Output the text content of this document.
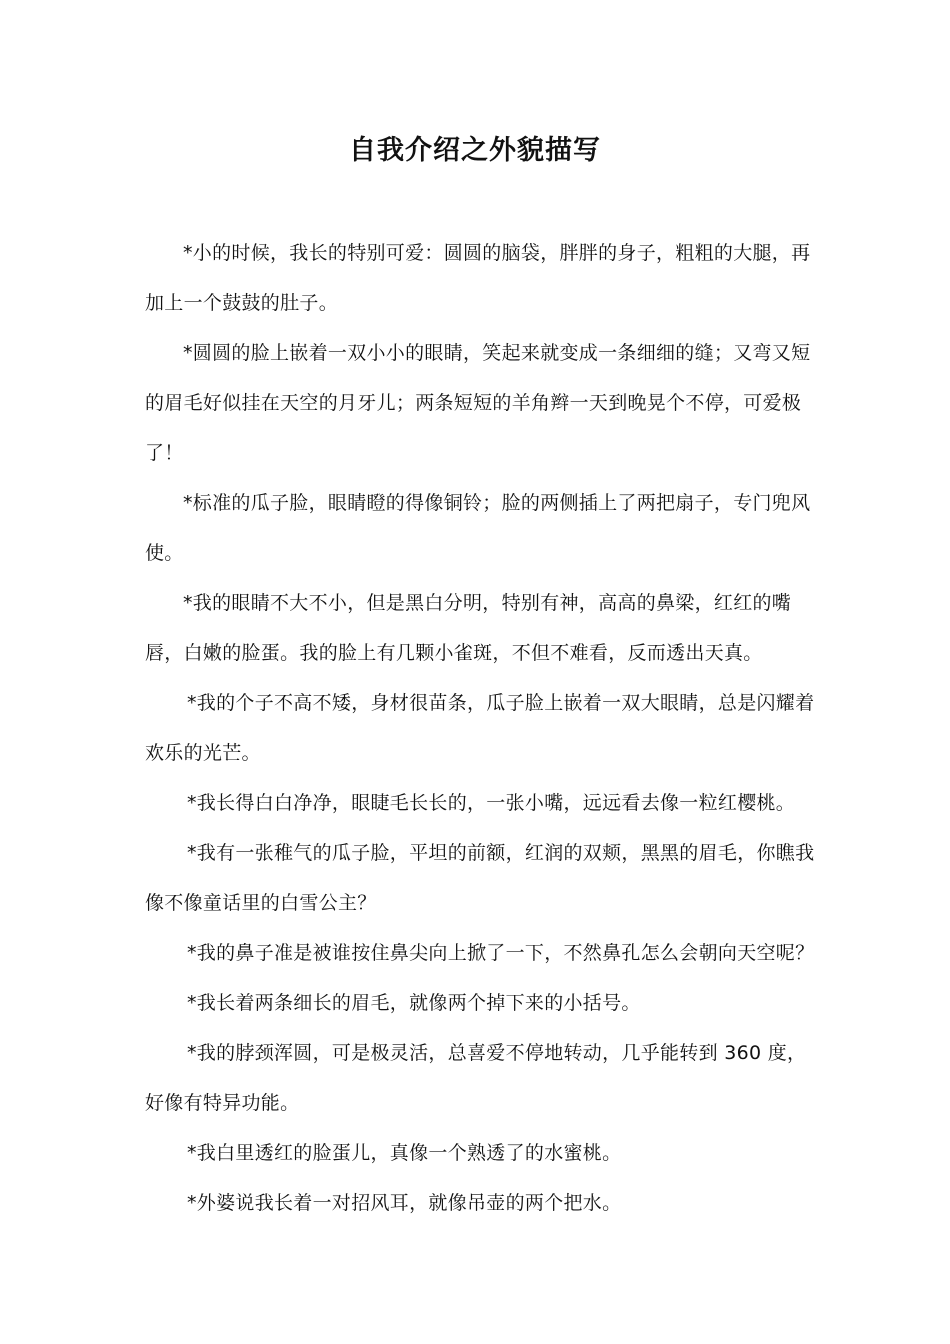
自我介绍之外貌描写

*小的时候，我长的特别可爱：圆圆的脑袋，胖胖的身子，粗粗的大腿，再加上一个鼓鼓的肚子。

*圆圆的脸上嵌着一双小小的眼睛，笑起来就变成一条细细的缝；又弯又短的眉毛好似挂在天空的月牙儿；两条短短的羊角辫一天到晚晃个不停，可爱极了！

*标准的瓜子脸，眼睛瞪的得像铜铃；脸的两侧插上了两把扇子，专门兜风使。

*我的眼睛不大不小，但是黑白分明，特别有神，高高的鼻梁，红红的嘴唇，白嫩的脸蛋。我的脸上有几颗小雀斑，不但不难看，反而透出天真。

*我的个子不高不矮，身材很苗条，瓜子脸上嵌着一双大眼睛，总是闪耀着欢乐的光芒。

*我长得白白净净，眼睫毛长长的，一张小嘴，远远看去像一粒红樱桃。

*我有一张稚气的瓜子脸，平坦的前额，红润的双颊，黑黑的眉毛，你瞧我像不像童话里的白雪公主？

*我的鼻子准是被谁按住鼻尖向上掀了一下，不然鼻孔怎么会朝向天空呢？

*我长着两条细长的眉毛，就像两个掉下来的小括号。

*我的脖颈浑圆，可是极灵活，总喜爱不停地转动，几乎能转到 360 度，好像有特异功能。

*我白里透红的脸蛋儿，真像一个熟透了的水蜜桃。

*外婆说我长着一对招风耳，就像吊壶的两个把水。
